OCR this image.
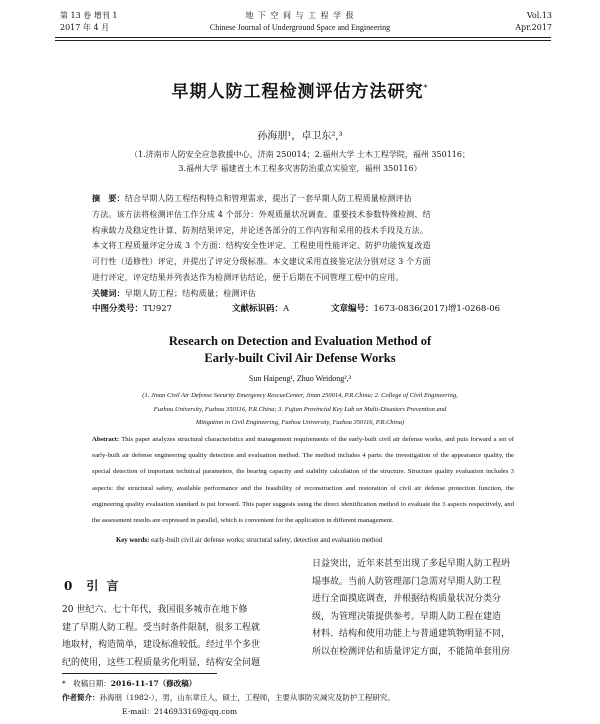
第 13 卷 增刊 1
2017 年 4 月
地 下 空 间 与 工 程 学 报
Chinese Journal of Underground Space and Engineering
Vol.13
Apr.2017
早期人防工程检测评估方法研究*
孙海朋¹，卓卫东²,³
（1.济南市人防安全应急救援中心，济南 250014；2.福州大学 土木工程学院，福州 350116；
3.福州大学 福建省土木工程多灾害防治重点实验室，福州 350116）
摘　要：结合早期人防工程结构特点和管理需求，提出了一套早期人防工程质量检测评估
方法。该方法将检测评估工作分成 4 个部分：外观质量状况调查、重要技术参数特殊检测、结
构承载力及稳定性计算、防剂结果评定，并论述各部分的工作内容和采用的技术手段及方法。
本文将工程质量评定分成 3 个方面：结构安全性评定、工程使用性能评定、防护功能恢复改造
可行性（适修性）评定，并提出了评定分级标准。本文建议采用直接鉴定法分别对这 3 个方面
进行评定，评定结果并列表达作为检测评估结论，便于后期在不同管理工程中的应用。
关键词：早期人防工程；结构质量；检测评估
中图分类号：TU927	文献标识码：A	文章编号：1673-0836(2017)增1-0268-06
Research on Detection and Evaluation Method of
Early-built Civil Air Defense Works
Sun Haipeng¹, Zhuo Weidong²,³
(1. Jinan Civil Air Defense Security Emergency RescueCenter, Jinan 250014, P.R.China; 2. College of Civil Engineering,
Fuzhou University, Fuzhou 350116, P.R.China; 3. Fujian Provincial Key Lab on Multi-Disasters Prevention and
Mitigation in Civil Engineering, Fuzhou University, Fuzhou 350116, P.R.China)
Abstract: This paper analyzes structural characteristics and management requirements of the early-built civil air defense works, and puts forward a set of early-built air defense engineering quality detection and evaluation method. The method includes 4 parts: the investigation of the appearance quality, the special detection of important technical parameters, the bearing capacity and stability calculation of the structure. Structure quality evaluation includes 3 aspects: the structural safety, available performance and the feasibility of reconstruction and restoration of civil air defense protection function, the engineering quality evaluation standard is put forward. This paper suggests using the direct identification method to evaluate the 3 aspects respectively, and the assessment results are expressed in parallel, which is convenient for the application in different management.
Key words: early-built civil air defense works; structural safety; detection and evaluation method
0 引 言
20 世纪六、七十年代，我国很多城市在地下修
建了早期人防工程。受当时条件限制，很多工程就
地取材，构造简单，建设标准较低。经过半个多世
纪的使用，这些工程质量劣化明显，结构安全问题
日益突出，近年来甚至出现了多起早期人防工程坍
塌事故。当前人防管理部门急需对早期人防工程
进行全面摸底调查，并根据结构质量状况分类分
级，为管理决策提供参考。早期人防工程在建造
材料、结构和使用功能上与普通建筑物明显不同，
所以在检测评估和质量评定方面，不能简单套用房
*　收稿日期：2016-11-17（修改稿）
作者简介：孙海朋（1982-），男，山东章丘人，硕士，工程师，主要从事防灾减灾及防护工程研究。
E-mail：2146933169@qq.com
